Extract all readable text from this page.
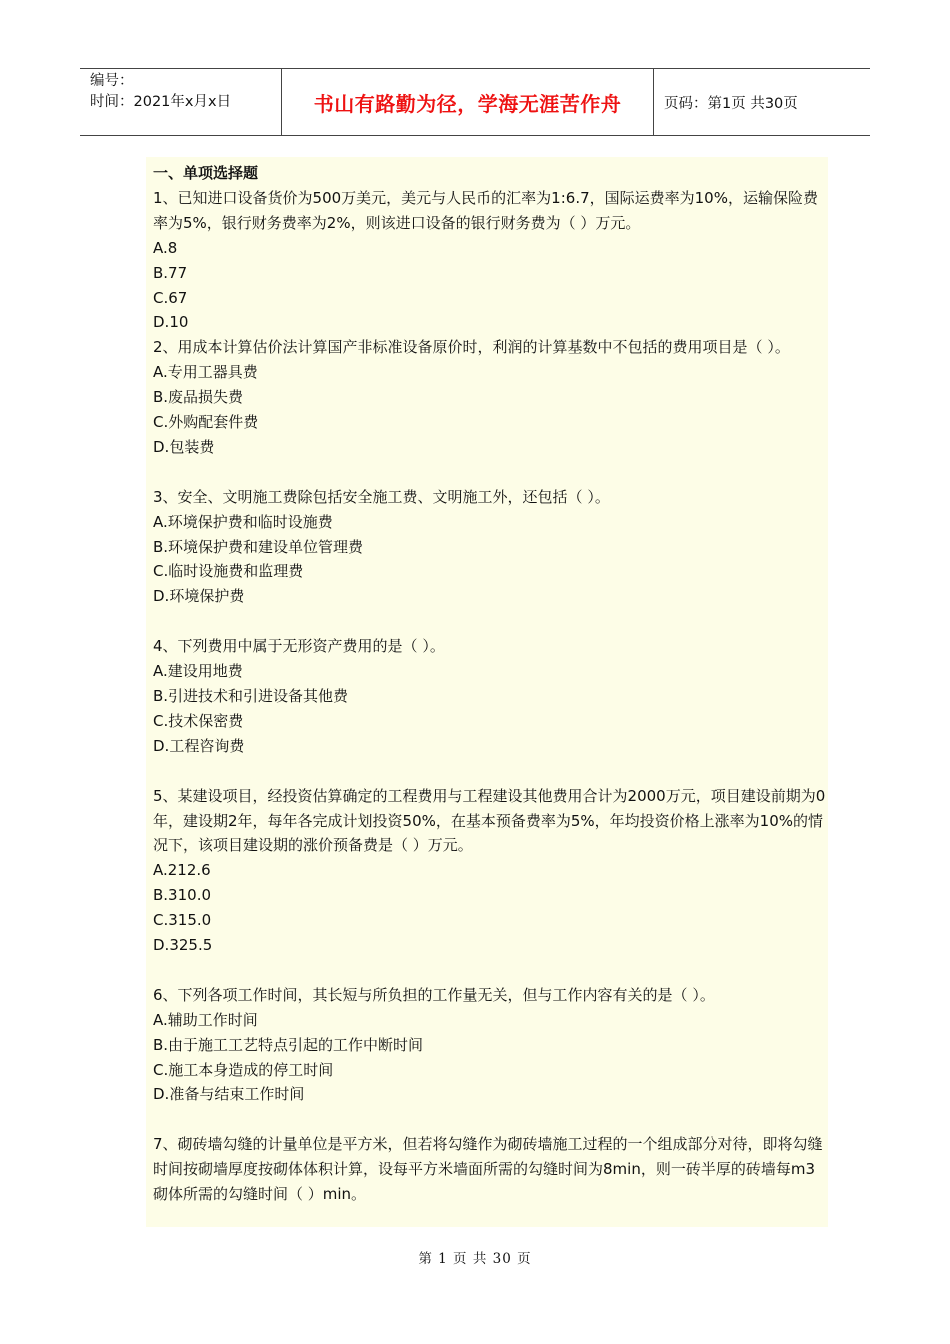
编号：
时间：2021年x月x日	书山有路勤为径，学海无涯苦作舟	页码：第1页 共30页
一、单项选择题
1、已知进口设备货价为500万美元，美元与人民币的汇率为1:6.7，国际运费率为10%，运输保险费率为5%，银行财务费率为2%，则该进口设备的银行财务费为（ ）万元。
A.8
B.77
C.67
D.10
2、用成本计算估价法计算国产非标准设备原价时，利润的计算基数中不包括的费用项目是（ ）。
A.专用工器具费
B.废品损失费
C.外购配套件费
D.包装费
3、安全、文明施工费除包括安全施工费、文明施工外，还包括（ ）。
A.环境保护费和临时设施费
B.环境保护费和建设单位管理费
C.临时设施费和监理费
D.环境保护费
4、下列费用中属于无形资产费用的是（ ）。
A.建设用地费
B.引进技术和引进设备其他费
C.技术保密费
D.工程咨询费
5、某建设项目，经投资估算确定的工程费用与工程建设其他费用合计为2000万元，项目建设前期为0年，建设期2年，每年各完成计划投资50%，在基本预备费率为5%，年均投资价格上涨率为10%的情况下，该项目建设期的涨价预备费是（ ）万元。
A.212.6
B.310.0
C.315.0
D.325.5
6、下列各项工作时间，其长短与所负担的工作量无关，但与工作内容有关的是（ ）。
A.辅助工作时间
B.由于施工工艺特点引起的工作中断时间
C.施工本身造成的停工时间
D.准备与结束工作时间
7、砌砖墙勾缝的计量单位是平方米，但若将勾缝作为砌砖墙施工过程的一个组成部分对待，即将勾缝时间按砌墙厚度按砌体体积计算，设每平方米墙面所需的勾缝时间为8min，则一砖半厚的砖墙每m3砌体所需的勾缝时间（ ）min。
第 1 页 共 30 页
